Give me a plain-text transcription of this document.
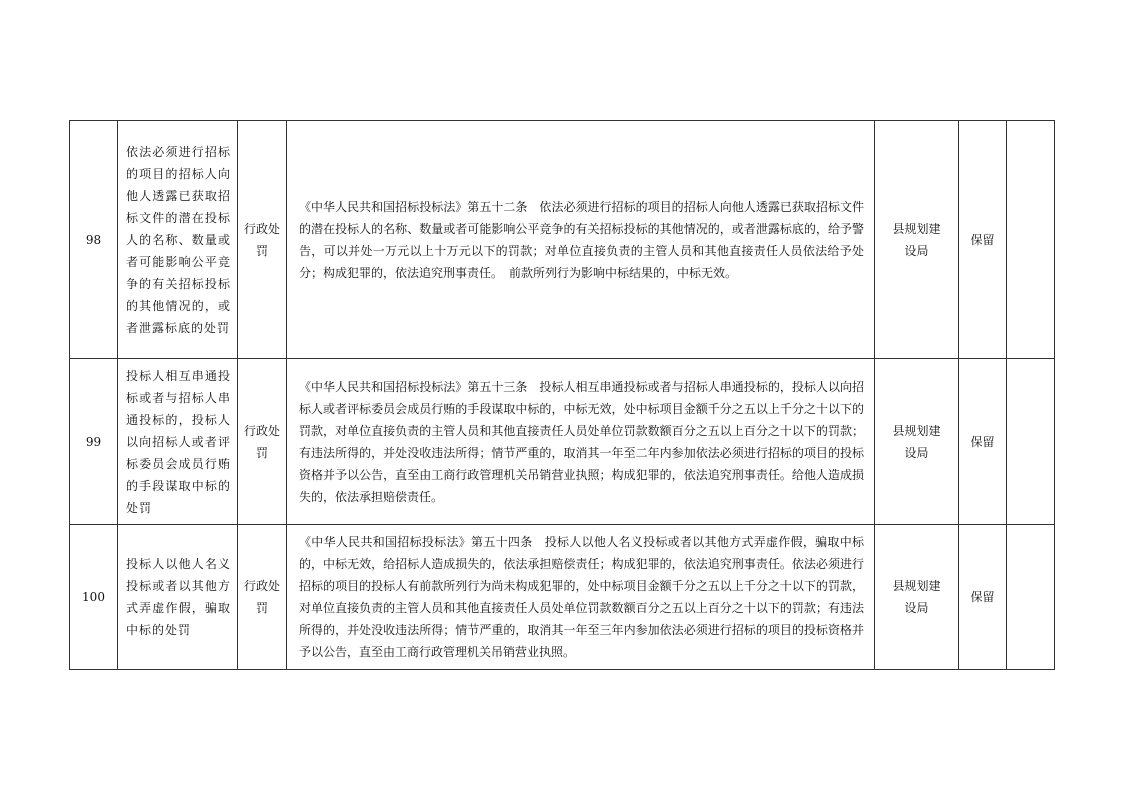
98	依法必须进行招标的项目的招标人向他人透露已获取招标文件的潜在投标人的名称、数量或者可能影响公平竞争的有关招标投标的其他情况的，或者泄露标底的处罚	行政处罚	《中华人民共和国招标投标法》第五十二条　依法必须进行招标的项目的招标人向他人透露已获取招标文件的潜在投标人的名称、数量或者可能影响公平竞争的有关招标投标的其他情况的，或者泄露标底的，给予警告，可以并处一万元以上十万元以下的罚款；对单位直接负责的主管人员和其他直接责任人员依法给予处分；构成犯罪的，依法追究刑事责任。　前款所列行为影响中标结果的，中标无效。	县规划建设局	保留	
99	投标人相互串通投标或者与招标人串通投标的，投标人以向招标人或者评标委员会成员行贿的手段谋取中标的处罚	行政处罚	《中华人民共和国招标投标法》第五十三条　投标人相互串通投标或者与招标人串通投标的，投标人以向招标人或者评标委员会成员行贿的手段谋取中标的，中标无效，处中标项目金额千分之五以上千分之十以下的罚款，对单位直接负责的主管人员和其他直接责任人员处单位罚款数额百分之五以上百分之十以下的罚款；有违法所得的，并处没收违法所得；情节严重的，取消其一年至二年内参加依法必须进行招标的项目的投标资格并予以公告，直至由工商行政管理机关吊销营业执照；构成犯罪的，依法追究刑事责任。给他人造成损失的，依法承担赔偿责任。	县规划建设局	保留	
100	投标人以他人名义投标或者以其他方式弄虚作假，骗取中标的处罚	行政处罚	《中华人民共和国招标投标法》第五十四条　投标人以他人名义投标或者以其他方式弄虚作假，骗取中标的，中标无效，给招标人造成损失的，依法承担赔偿责任；构成犯罪的，依法追究刑事责任。依法必须进行招标的项目的投标人有前款所列行为尚未构成犯罪的，处中标项目金额千分之五以上千分之十以下的罚款，对单位直接负责的主管人员和其他直接责任人员处单位罚款数额百分之五以上百分之十以下的罚款；有违法所得的，并处没收违法所得；情节严重的，取消其一年至三年内参加依法必须进行招标的项目的投标资格并予以公告，直至由工商行政管理机关吊销营业执照。	县规划建设局	保留	
